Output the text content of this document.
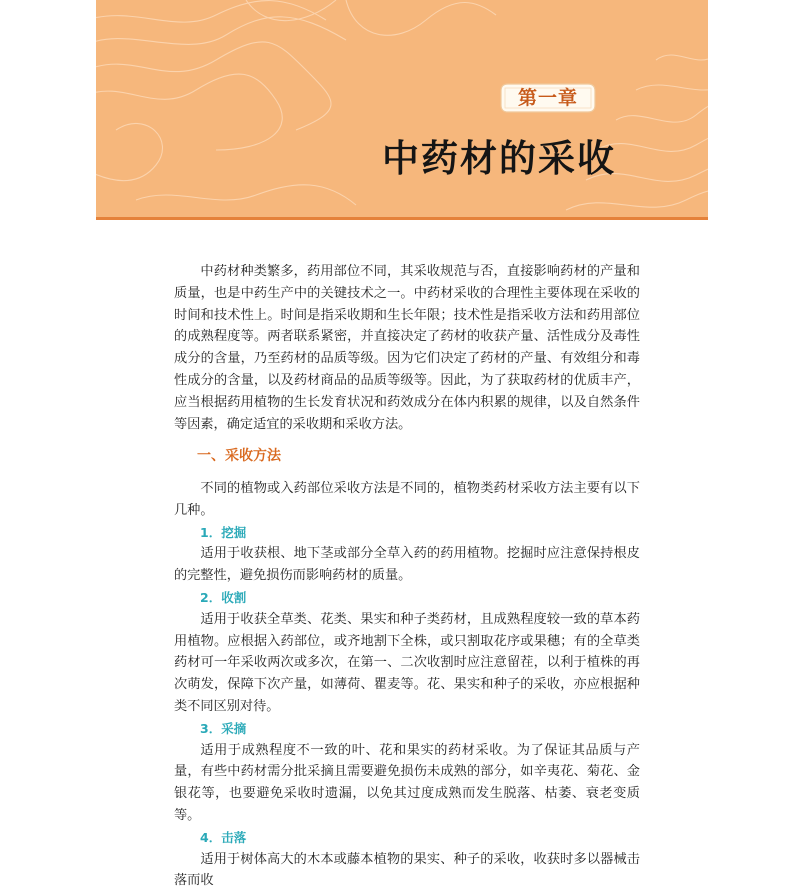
第一章
中药材的采收

中药材种类繁多，药用部位不同，其采收规范与否，直接影响药材的产量和质量，也是中药生产中的关键技术之一。中药材采收的合理性主要体现在采收的时间和技术性上。时间是指采收期和生长年限；技术性是指采收方法和药用部位的成熟程度等。两者联系紧密，并直接决定了药材的收获产量、活性成分及毒性成分的含量，乃至药材的品质等级。因为它们决定了药材的产量、有效组分和毒性成分的含量，以及药材商品的品质等级等。因此，为了获取药材的优质丰产，应当根据药用植物的生长发育状况和药效成分在体内积累的规律，以及自然条件等因素，确定适宜的采收期和采收方法。

一、采收方法

不同的植物或入药部位采收方法是不同的，植物类药材采收方法主要有以下几种。

1．挖掘

适用于收获根、地下茎或部分全草入药的药用植物。挖掘时应注意保持根皮的完整性，避免损伤而影响药材的质量。

2．收割

适用于收获全草类、花类、果实和种子类药材，且成熟程度较一致的草本药用植物。应根据入药部位，或齐地割下全株，或只割取花序或果穗；有的全草类药材可一年采收两次或多次，在第一、二次收割时应注意留茬，以利于植株的再次萌发，保障下次产量，如薄荷、瞿麦等。花、果实和种子的采收，亦应根据种类不同区别对待。

3．采摘

适用于成熟程度不一致的叶、花和果实的药材采收。为了保证其品质与产量，有些中药材需分批采摘且需要避免损伤未成熟的部分，如辛夷花、菊花、金银花等，也要避免采收时遗漏，以免其过度成熟而发生脱落、枯萎、衰老变质等。

4．击落

适用于树体高大的木本或藤本植物的果实、种子的采收，收获时多以器械击落而收
